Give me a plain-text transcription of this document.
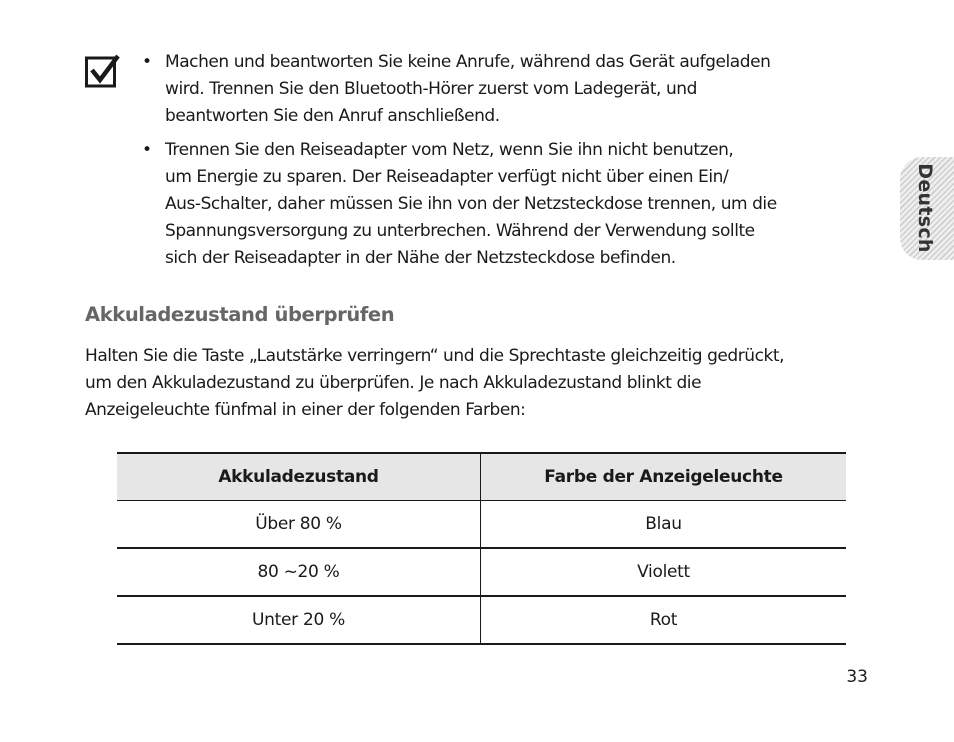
• Machen und beantworten Sie keine Anrufe, während das Gerät aufgeladen
wird. Trennen Sie den Bluetooth-Hörer zuerst vom Ladegerät, und
beantworten Sie den Anruf anschließend.
• Trennen Sie den Reiseadapter vom Netz, wenn Sie ihn nicht benutzen,
um Energie zu sparen. Der Reiseadapter verfügt nicht über einen Ein/
Aus-Schalter, daher müssen Sie ihn von der Netzsteckdose trennen, um die
Spannungsversorgung zu unterbrechen. Während der Verwendung sollte
sich der Reiseadapter in der Nähe der Netzsteckdose befinden.
Akkuladezustand überprüfen

Halten Sie die Taste „Lautstärke verringern“ und die Sprechtaste gleichzeitig gedrückt,
um den Akkuladezustand zu überprüfen. Je nach Akkuladezustand blinkt die
Anzeigeleuchte fünfmal in einer der folgenden Farben:

Akkuladezustand	Farbe der Anzeigeleuchte
Über 80 %	Blau
80 ~20 %	Violett
Unter 20 %	Rot
Deutsch
33
